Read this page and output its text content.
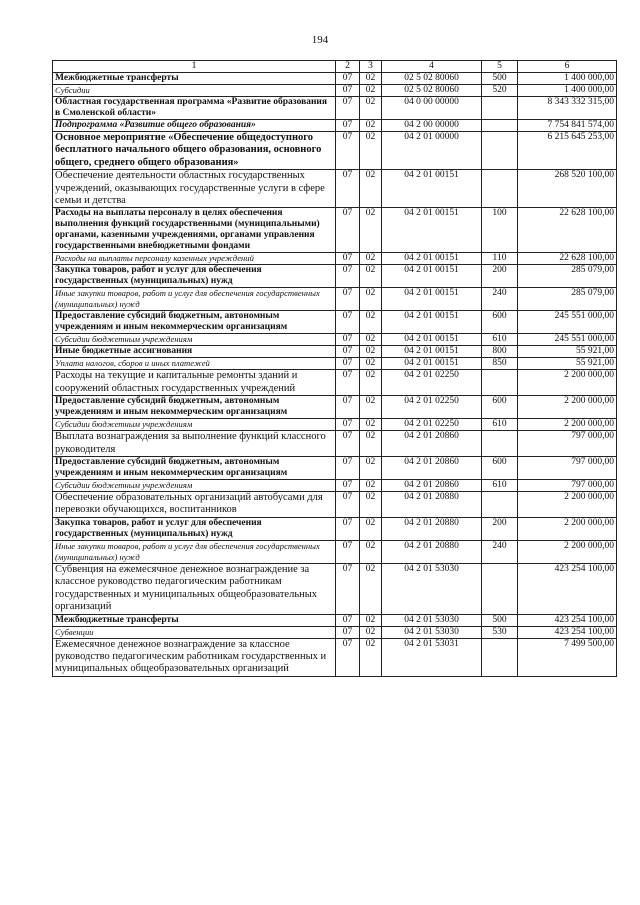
194
1	2	3	4	5	6
Межбюджетные трансферты	07	02	02 5 02 80060	500	1 400 000,00
Субсидии	07	02	02 5 02 80060	520	1 400 000,00
Областная государственная программа «Развитие образования в Смоленской области»	07	02	04 0 00 00000		8 343 332 315,00
Подпрограмма «Развитие общего образования»	07	02	04 2 00 00000		7 754 841 574,00
Основное мероприятие «Обеспечение общедоступного бесплатного начального общего образования, основного общего, среднего общего образования»	07	02	04 2 01 00000		6 215 645 253,00
Обеспечение деятельности областных государственных учреждений, оказывающих государственные услуги в сфере семьи и детства	07	02	04 2 01 00151		268 520 100,00
Расходы на выплаты персоналу в целях обеспечения выполнения функций государственными (муниципальными) органами, казенными учреждениями, органами управления государственными внебюджетными фондами	07	02	04 2 01 00151	100	22 628 100,00
Расходы на выплаты персоналу казенных учреждений	07	02	04 2 01 00151	110	22 628 100,00
Закупка товаров, работ и услуг для обеспечения государственных (муниципальных) нужд	07	02	04 2 01 00151	200	285 079,00
Иные закупки товаров, работ и услуг для обеспечения государственных (муниципальных) нужд	07	02	04 2 01 00151	240	285 079,00
Предоставление субсидий бюджетным, автономным учреждениям и иным некоммерческим организациям	07	02	04 2 01 00151	600	245 551 000,00
Субсидии бюджетным учреждениям	07	02	04 2 01 00151	610	245 551 000,00
Иные бюджетные ассигнования	07	02	04 2 01 00151	800	55 921,00
Уплата налогов, сборов и иных платежей	07	02	04 2 01 00151	850	55 921,00
Расходы на текущие и капитальные ремонты зданий и сооружений областных государственных учреждений	07	02	04 2 01 02250		2 200 000,00
Предоставление субсидий бюджетным, автономным учреждениям и иным некоммерческим организациям	07	02	04 2 01 02250	600	2 200 000,00
Субсидии бюджетным учреждениям	07	02	04 2 01 02250	610	2 200 000,00
Выплата вознаграждения за выполнение функций классного руководителя	07	02	04 2 01 20860		797 000,00
Предоставление субсидий бюджетным, автономным учреждениям и иным некоммерческим организациям	07	02	04 2 01 20860	600	797 000,00
Субсидии бюджетным учреждениям	07	02	04 2 01 20860	610	797 000,00
Обеспечение образовательных организаций автобусами для перевозки обучающихся, воспитанников	07	02	04 2 01 20880		2 200 000,00
Закупка товаров, работ и услуг для обеспечения государственных (муниципальных) нужд	07	02	04 2 01 20880	200	2 200 000,00
Иные закупки товаров, работ и услуг для обеспечения государственных (муниципальных) нужд	07	02	04 2 01 20880	240	2 200 000,00
Субвенция на ежемесячное денежное вознаграждение за классное руководство педагогическим работникам государственных и муниципальных общеобразовательных организаций	07	02	04 2 01 53030		423 254 100,00
Межбюджетные трансферты	07	02	04 2 01 53030	500	423 254 100,00
Субвенции	07	02	04 2 01 53030	530	423 254 100,00
Ежемесячное денежное вознаграждение за классное руководство педагогическим работникам государственных и муниципальных общеобразовательных организаций	07	02	04 2 01 53031		7 499 500,00
